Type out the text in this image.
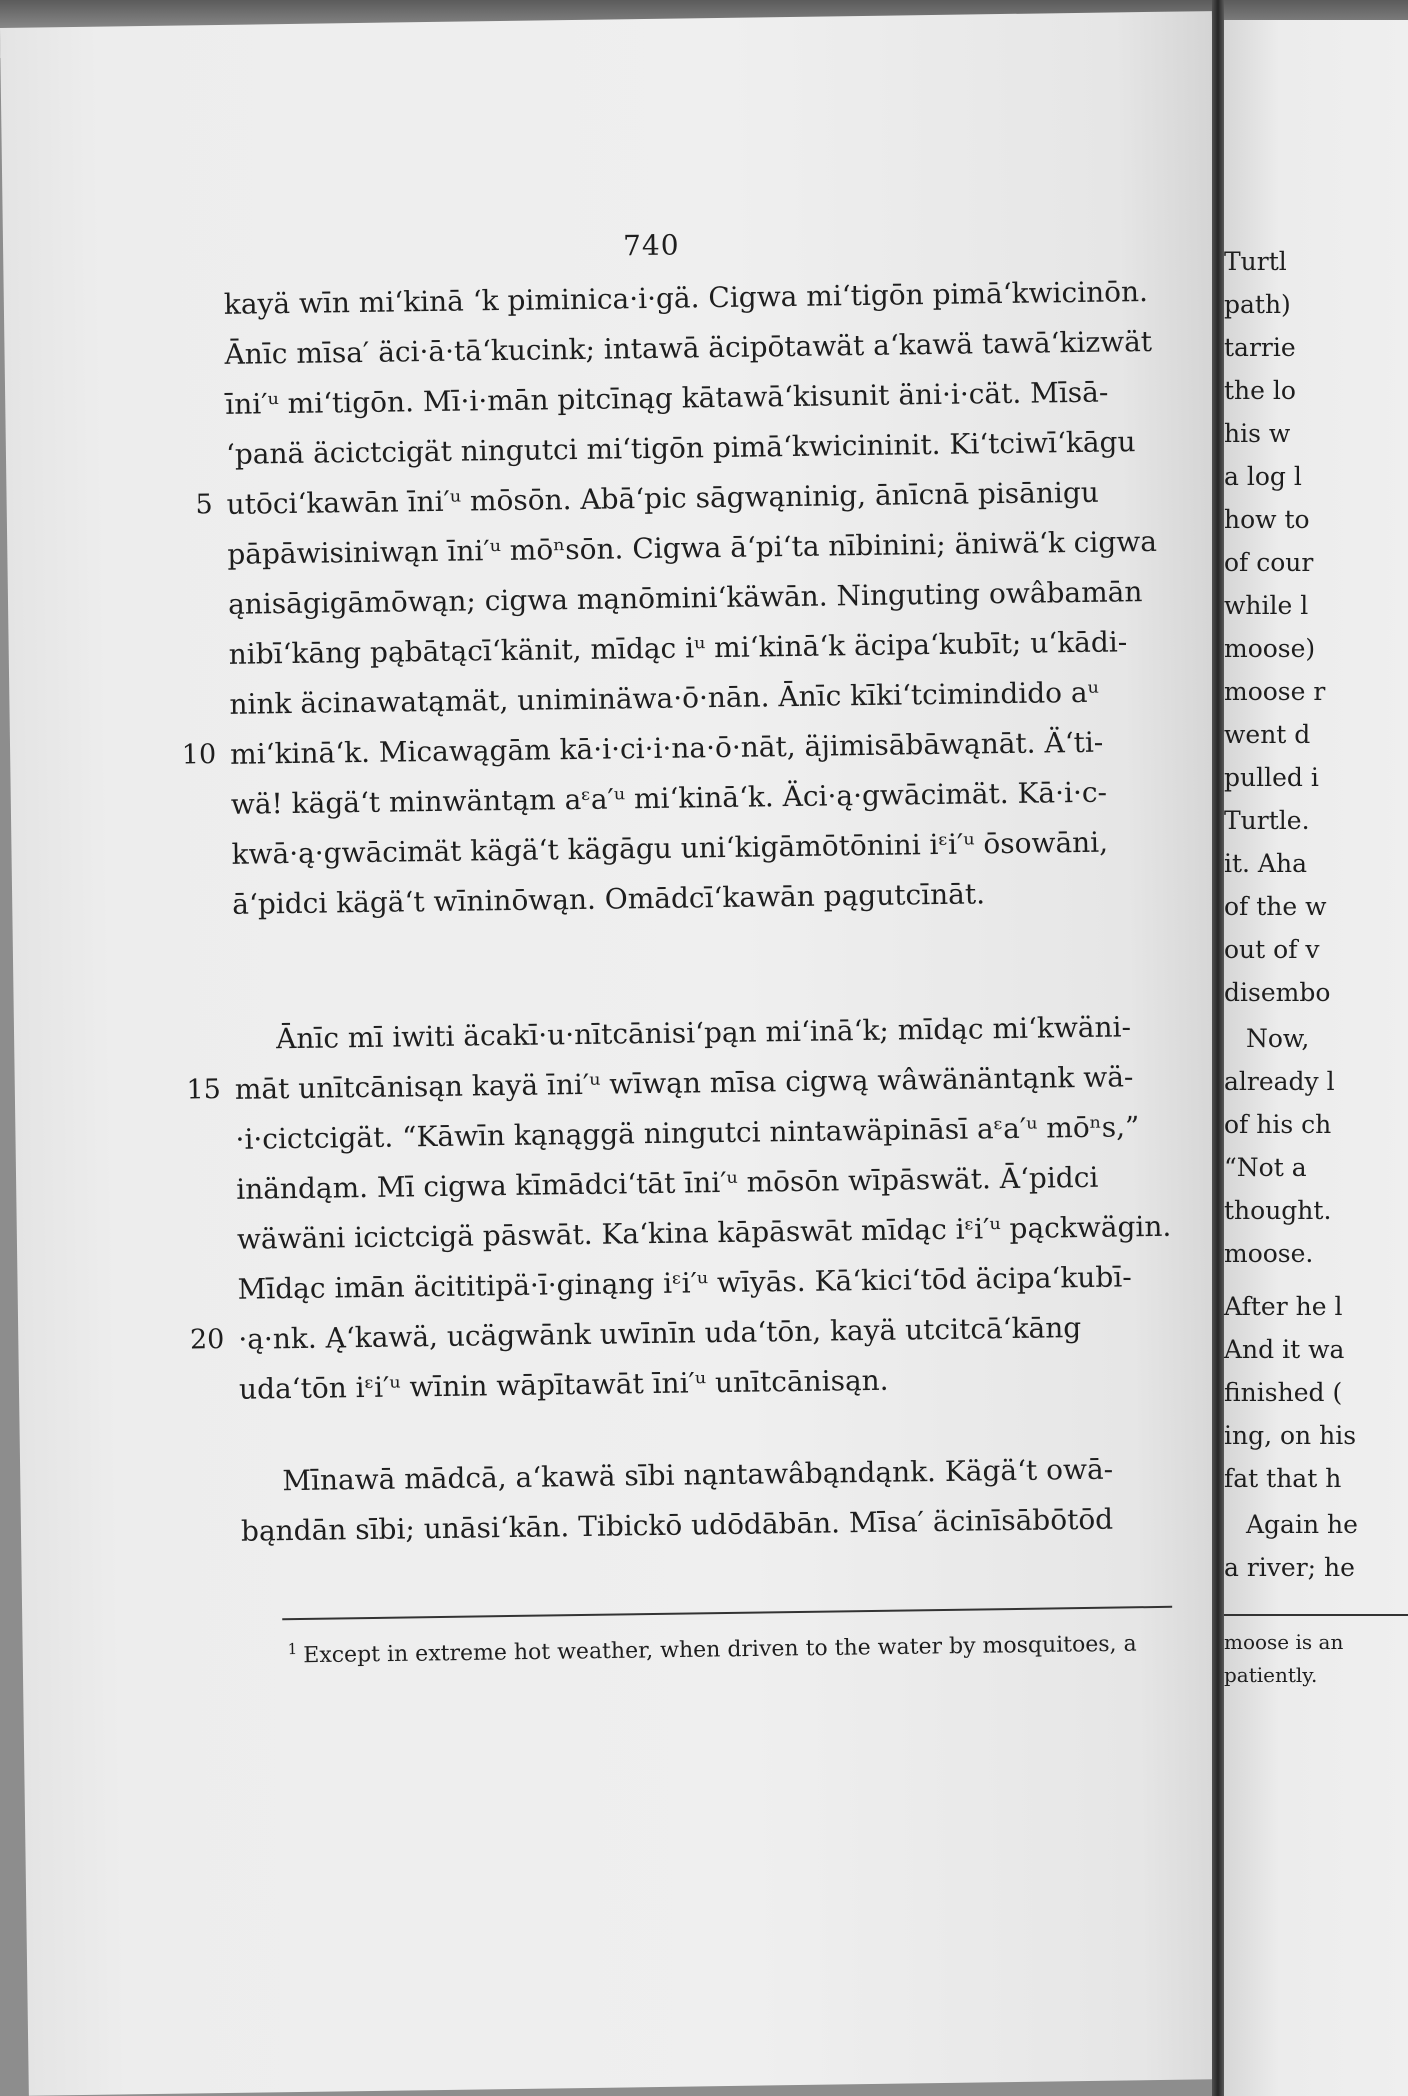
740
kayä wīn miʻkinā ʻk piminica·i·gä. Cigwa miʻtigōn pimāʻkwicinōn.
Ānīc mīsa′ äci·ā·tāʻkucink; intawā äcipōtawät aʻkawä tawāʻkizwät
īni′ᵘ miʻtigōn. Mī·i·mān pitcīnąg kātawāʻkisunit äni·i·cät. Mīsā-
ʻpanä äcictcigät ningutci miʻtigōn pimāʻkwicininit. Kiʻtciwīʻkāgu
5 utōciʻkawān īni′ᵘ mōsōn. Abāʻpic sāgwąninig, ānīcnā pisānigu
pāpāwisiniwąn īni′ᵘ mōⁿsōn. Cigwa āʻpiʻta nībinini; äniwäʻk cigwa
ąnisāgigāmōwąn; cigwa mąnōminiʻkäwān. Ninguting owâbamān
nibīʻkāng pąbātącīʻkänit, mīdąc iᵘ miʻkināʻk äcipaʻkubīt; uʻkādi-
nink äcinawatąmät, uniminäwa·ō·nān. Ānīc kīkiʻtcimindido aᵘ
10 miʻkināʻk. Micawągām kā·i·ci·i·na·ō·nāt, äjimisābāwąnāt. Äʻti-
wä! kägäʻt minwäntąm aᵋa′ᵘ miʻkināʻk. Äci·ą·gwācimät. Kā·i·c-
kwā·ą·gwācimät kägäʻt kägāgu uniʻkigāmōtōnini iᵋi′ᵘ ōsowāni,
āʻpidci kägäʻt wīninōwąn. Omādcīʻkawān pągutcīnāt.
Ānīc mī iwiti äcakī·u·nītcānisiʻpąn miʻināʻk; mīdąc miʻkwäni-
15 māt unītcānisąn kayä īni′ᵘ wīwąn mīsa cigwą wâwänäntąnk wä-
·i·cictcigät. “Kāwīn kąnąggä ningutci nintawäpināsī aᵋa′ᵘ mōⁿs,”
inändąm. Mī cigwa kīmādciʻtāt īni′ᵘ mōsōn wīpāswät. Āʻpidci
wäwäni icictcigä pāswāt. Kaʻkina kāpāswāt mīdąc iᵋi′ᵘ pąckwägin.
Mīdąc imān äcititipä·ī·ginąng iᵋi′ᵘ wīyās. Kāʻkiciʻtōd äcipaʻkubī-
20 ·ą·nk. Ąʻkawä, ucägwānk uwīnīn udaʻtōn, kayä utcitcāʻkāng
udaʻtōn iᵋi′ᵘ wīnin wāpītawāt īni′ᵘ unītcānisąn.
Mīnawā mādcā, aʻkawä sībi nąntawâbąndąnk. Kägäʻt owā-
bąndān sībi; unāsiʻkān. Tibickō udōdābān. Mīsa′ äcinīsābōtōd
$^1$ Except in extreme hot weather, when driven to the water by mosquitoes, a
Turtl
path)
tarrie
the lo
his w
a log l
how to
of cour
while l
moose)
moose r
went d
pulled i
Turtle.
it. Aha
of the w
out of v
disembo
Now,
already l
of his ch
“Not a
thought.
moose.
After he l
And it wa
finished (
ing, on his
fat that h
Again he
a river; he
moose is an
patiently.
